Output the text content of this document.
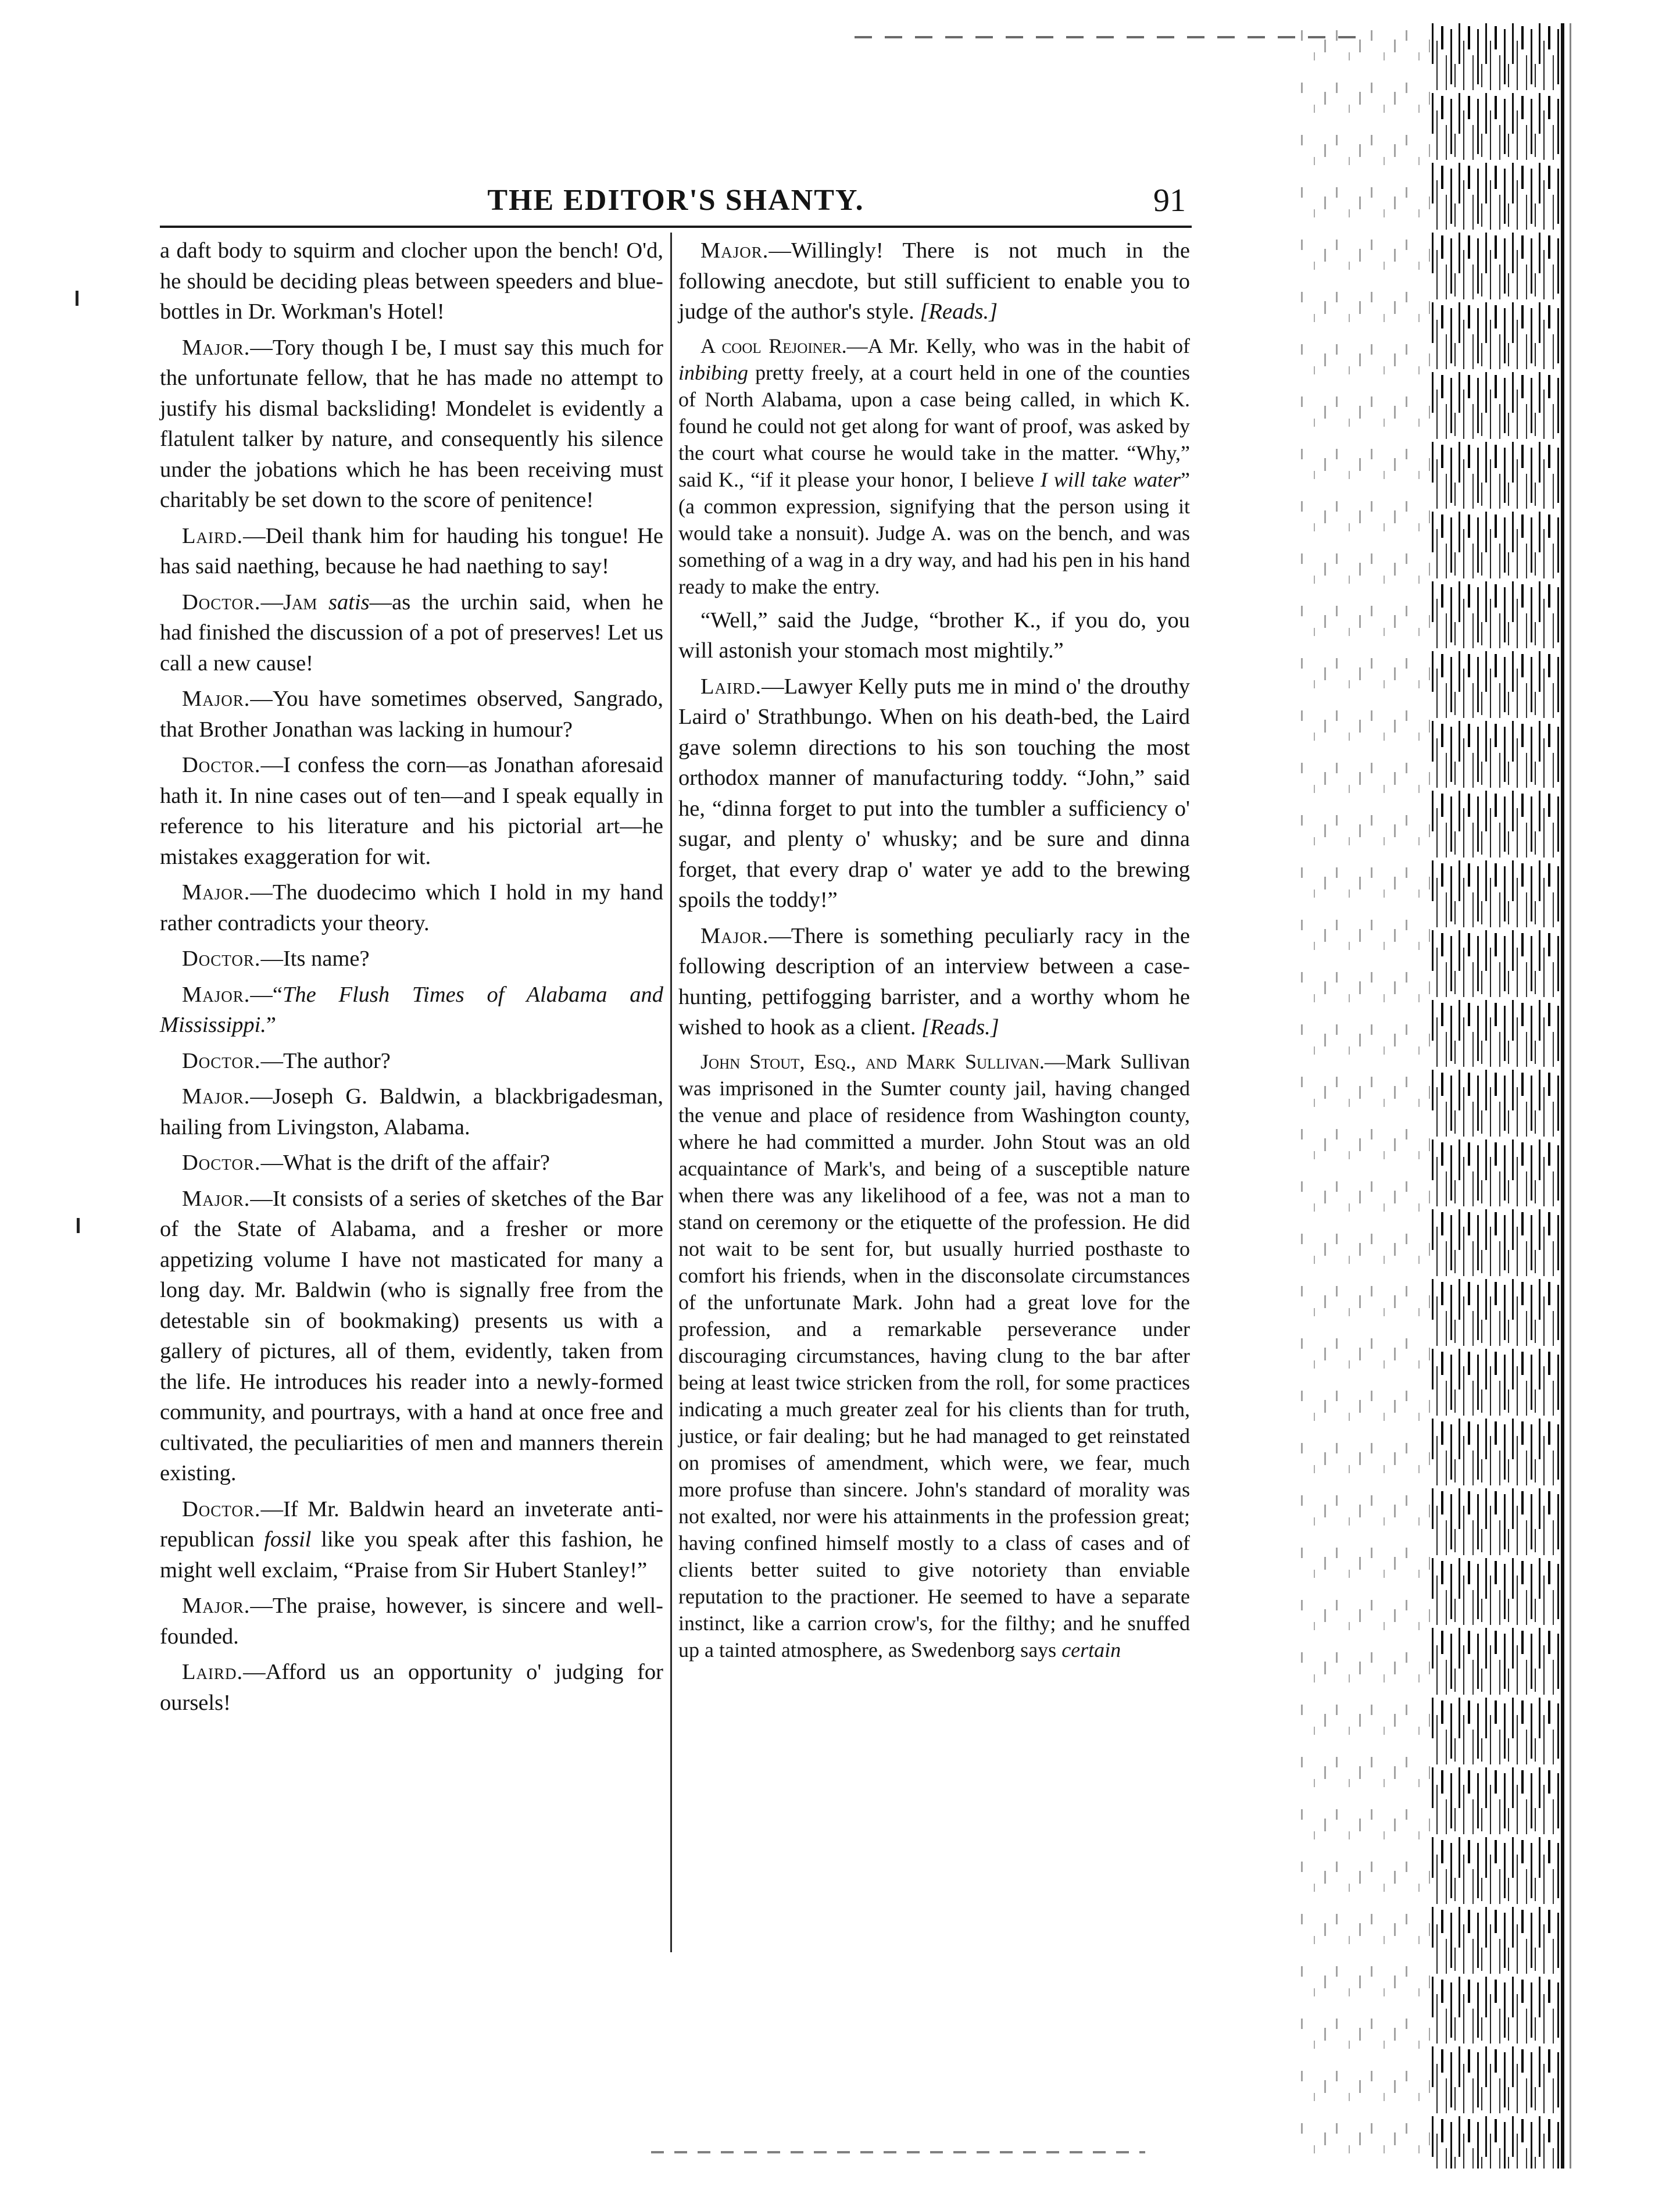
THE EDITOR'S SHANTY.	91

a daft body to squirm and clocher upon the bench! O'd, he should be deciding pleas between speeders and blue-bottles in Dr. Workman's Hotel!

Major.—Tory though I be, I must say this much for the unfortunate fellow, that he has made no attempt to justify his dismal backsliding! Mondelet is evidently a flatulent talker by nature, and consequently his silence under the jobations which he has been receiving must charitably be set down to the score of penitence!

Laird.—Deil thank him for hauding his tongue! He has said naething, because he had naething to say!

Doctor.—Jam satis—as the urchin said, when he had finished the discussion of a pot of preserves! Let us call a new cause!

Major.—You have sometimes observed, Sangrado, that Brother Jonathan was lacking in humour?

Doctor.—I confess the corn—as Jonathan aforesaid hath it. In nine cases out of ten—and I speak equally in reference to his literature and his pictorial art—he mistakes exaggeration for wit.

Major.—The duodecimo which I hold in my hand rather contradicts your theory.

Doctor.—Its name?

Major.—“The Flush Times of Alabama and Mississippi.”

Doctor.—The author?

Major.—Joseph G. Baldwin, a blackbrigadesman, hailing from Livingston, Alabama.

Doctor.—What is the drift of the affair?

Major.—It consists of a series of sketches of the Bar of the State of Alabama, and a fresher or more appetizing volume I have not masticated for many a long day. Mr. Baldwin (who is signally free from the detestable sin of bookmaking) presents us with a gallery of pictures, all of them, evidently, taken from the life. He introduces his reader into a newly-formed community, and pourtrays, with a hand at once free and cultivated, the peculiarities of men and manners therein existing.

Doctor.—If Mr. Baldwin heard an inveterate anti-republican fossil like you speak after this fashion, he might well exclaim, “Praise from Sir Hubert Stanley!”

Major.—The praise, however, is sincere and well-founded.

Laird.—Afford us an opportunity o' judging for oursels!

Major.—Willingly! There is not much in the following anecdote, but still sufficient to enable you to judge of the author's style. [Reads.]

A cool Rejoiner.—A Mr. Kelly, who was in the habit of inbibing pretty freely, at a court held in one of the counties of North Alabama, upon a case being called, in which K. found he could not get along for want of proof, was asked by the court what course he would take in the matter. “Why,” said K., “if it please your honor, I believe I will take water” (a common expression, signifying that the person using it would take a nonsuit). Judge A. was on the bench, and was something of a wag in a dry way, and had his pen in his hand ready to make the entry.

“Well,” said the Judge, “brother K., if you do, you will astonish your stomach most mightily.”

Laird.—Lawyer Kelly puts me in mind o' the drouthy Laird o' Strathbungo. When on his death-bed, the Laird gave solemn directions to his son touching the most orthodox manner of manufacturing toddy. “John,” said he, “dinna forget to put into the tumbler a sufficiency o' sugar, and plenty o' whusky; and be sure and dinna forget, that every drap o' water ye add to the brewing spoils the toddy!”

Major.—There is something peculiarly racy in the following description of an interview between a case-hunting, pettifogging barrister, and a worthy whom he wished to hook as a client. [Reads.]

John Stout, Esq., and Mark Sullivan.—Mark Sullivan was imprisoned in the Sumter county jail, having changed the venue and place of residence from Washington county, where he had committed a murder. John Stout was an old acquaintance of Mark's, and being of a susceptible nature when there was any likelihood of a fee, was not a man to stand on ceremony or the etiquette of the profession. He did not wait to be sent for, but usually hurried posthaste to comfort his friends, when in the disconsolate circumstances of the unfortunate Mark. John had a great love for the profession, and a remarkable perseverance under discouraging circumstances, having clung to the bar after being at least twice stricken from the roll, for some practices indicating a much greater zeal for his clients than for truth, justice, or fair dealing; but he had managed to get reinstated on promises of amendment, which were, we fear, much more profuse than sincere. John's standard of morality was not exalted, nor were his attainments in the profession great; having confined himself mostly to a class of cases and of clients better suited to give notoriety than enviable reputation to the practioner. He seemed to have a separate instinct, like a carrion crow's, for the filthy; and he snuffed up a tainted atmosphere, as Swedenborg says certain
